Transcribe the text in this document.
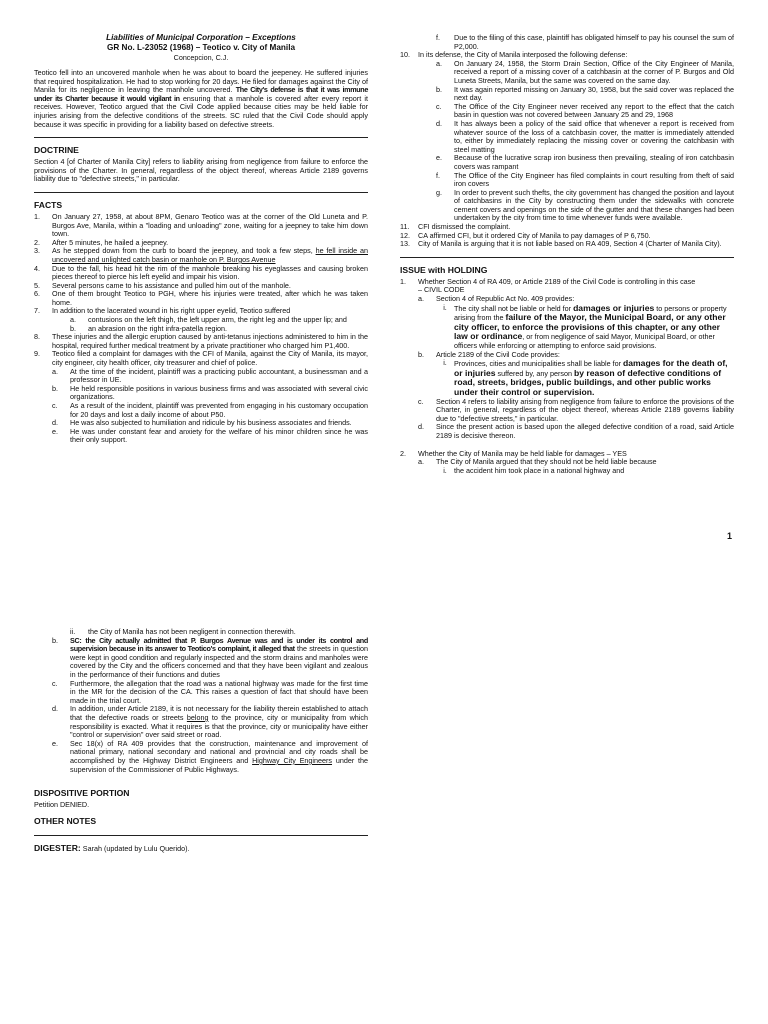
Liabilities of Municipal Corporation – Exceptions

GR No. L-23052 (1968) – Teotico v. City of Manila

Concepcion, C.J.

Teotico fell into an uncovered manhole when he was about to board the jeepeney. He suffered injuries that required hospitalization. He had to stop working for 20 days. He filed for damages against the City of Manila for its negligence in leaving the manhole uncovered. The City's defense is that it was immune under its Charter because it would vigilant in ensuring that a manhole is covered after every report it receives. However, Teotico argued that the Civil Code applied because cities may be held liable for injuries arising from the defective conditions of the streets. SC ruled that the Civil Code should apply because it was specific in providing for a liability based on defective streets.

DOCTRINE

Section 4 [of Charter of Manila City] refers to liability arising from negligence from failure to enforce the provisions of the Charter. In general, regardless of the object thereof, whereas Article 2189 governs liability due to "defective streets," in particular.

FACTS

1.	On January 27, 1958, at about 8PM, Genaro Teotico was at the corner of the Old Luneta and P. Burgos Ave, Manila, within a "loading and unloading" zone, waiting for a jeepney to take him down town.
2.	After 5 minutes, he hailed a jeepney.
3.	As he stepped down from the curb to board the jeepney, and took a few steps, he fell inside an uncovered and unlighted catch basin or manhole on P. Burgos Avenue
4.	Due to the fall, his head hit the rim of the manhole breaking his eyeglasses and causing broken pieces thereof to pierce his left eyelid and impair his vision.
5.	Several persons came to his assistance and pulled him out of the manhole.
6.	One of them brought Teotico to PGH, where his injuries were treated, after which he was taken home.
7.	In addition to the lacerated wound in his right upper eyelid, Teotico suffered
a.	contusions on the left thigh, the left upper arm, the right leg and the upper lip; and
b.	an abrasion on the right infra-patella region.
8.	These injuries and the allergic eruption caused by anti-tetanus injections administered to him in the hospital, required further medical treatment by a private practitioner who charged him P1,400.
9.	Teotico filed a complaint for damages with the CFI of Manila, against the City of Manila, its mayor, city engineer, city health officer, city treasurer and chief of police.
a.	At the time of the incident, plaintiff was a practicing public accountant, a businessman and a professor in UE.
b.	He held responsible positions in various business firms and was associated with several civic organizations.
c.	As a result of the incident, plaintiff was prevented from engaging in his customary occupation for 20 days and lost a daily income of about P50.
d.	He was also subjected to humiliation and ridicule by his business associates and friends.
e.	He was under constant fear and anxiety for the welfare of his minor children since he was their only support.
f.	Due to the filing of this case, plaintiff has obligated himself to pay his counsel the sum of P2,000.
10.	In its defense, the City of Manila interposed the following defense:
a.	On January 24, 1958, the Storm Drain Section, Office of the City Engineer of Manila, received a report of a missing cover of a catchbasin at the corner of P. Burgos and Old Luneta Streets, Manila, but the same was covered on the same day.
b.	It was again reported missing on January 30, 1958, but the said cover was replaced the next day.
c.	The Office of the City Engineer never received any report to the effect that the catch basin in question was not covered between January 25 and 29, 1968
d.	It has always been a policy of the said office that whenever a report is received from whatever source of the loss of a catchbasin cover, the matter is immediately attended to, either by immediately replacing the missing cover or covering the catchbasin with steel matting
e.	Because of the lucrative scrap iron business then prevailing, stealing of iron catchbasin covers was rampant
f.	The Office of the City Engineer has filed complaints in court resulting from theft of said iron covers
g.	In order to prevent such thefts, the city government has changed the position and layout of catchbasins in the City by constructing them under the sidewalks with concrete cement covers and openings on the side of the gutter and that these changes had been undertaken by the city from time to time whenever funds were available.
11.	CFI dismissed the complaint.
12.	CA affirmed CFI, but it ordered City of Manila to pay damages of P 6,750.
13.	City of Manila is arguing that it is not liable based on RA 409, Section 4 (Charter of Manila City).

ISSUE with HOLDING

1.	Whether Section 4 of RA 409, or Article 2189 of the Civil Code is controlling in this case
– CIVIL CODE
a.	Section 4 of Republic Act No. 409 provides:
i.	The city shall not be liable or held for damages or injuries to persons or property arising from the failure of the Mayor, the Municipal Board, or any other city officer, to enforce the provisions of this chapter, or any other law or ordinance, or from negligence of said Mayor, Municipal Board, or other officers while enforcing or attempting to enforce said provisions.
b.	Article 2189 of the Civil Code provides:
i.	Provinces, cities and municipalities shall be liable for damages for the death of, or injuries suffered by, any person by reason of defective conditions of road, streets, bridges, public buildings, and other public works under their control or supervision.
c.	Section 4 refers to liability arising from negligence from failure to enforce the provisions of the Charter, in general, regardless of the object thereof, whereas Article 2189 governs liability due to "defective streets," in particular.
d.	Since the present action is based upon the alleged defective condition of a road, said Article 2189 is decisive thereon.
2.	Whether the City of Manila may be held liable for damages – YES
a.	The City of Manila argued that they should not be held liable because
i.	the accident him took place in a national highway and
1
ii.	the City of Manila has not been negligent in connection therewith.
b.	SC: the City actually admitted that P. Burgos Avenue was and is under its control and supervision because in its answer to Teotico's complaint, it alleged that the streets in question were kept in good condition and regularly inspected and the storm drains and manholes were covered by the City and the officers concerned and that they have been vigilant and zealous in the performance of their functions and duties
c.	Furthermore, the allegation that the road was a national highway was made for the first time in the MR for the decision of the CA. This raises a question of fact that should have been made in the trial court.
d.	In addition, under Article 2189, it is not necessary for the liability therein established to attach that the defective roads or streets belong to the province, city or municipality from which responsibility is exacted. What it requires is that the province, city or municipality have either "control or supervision" over said street or road.
e.	Sec 18(x) of RA 409 provides that the construction, maintenance and improvement of national primary, national secondary and national and provincial and city roads shall be accomplished by the Highway District Engineers and Highway City Engineers under the supervision of the Commissioner of Public Highways.

DISPOSITIVE PORTION

Petition DENIED.

OTHER NOTES

DIGESTER: Sarah (updated by Lulu Querido).
